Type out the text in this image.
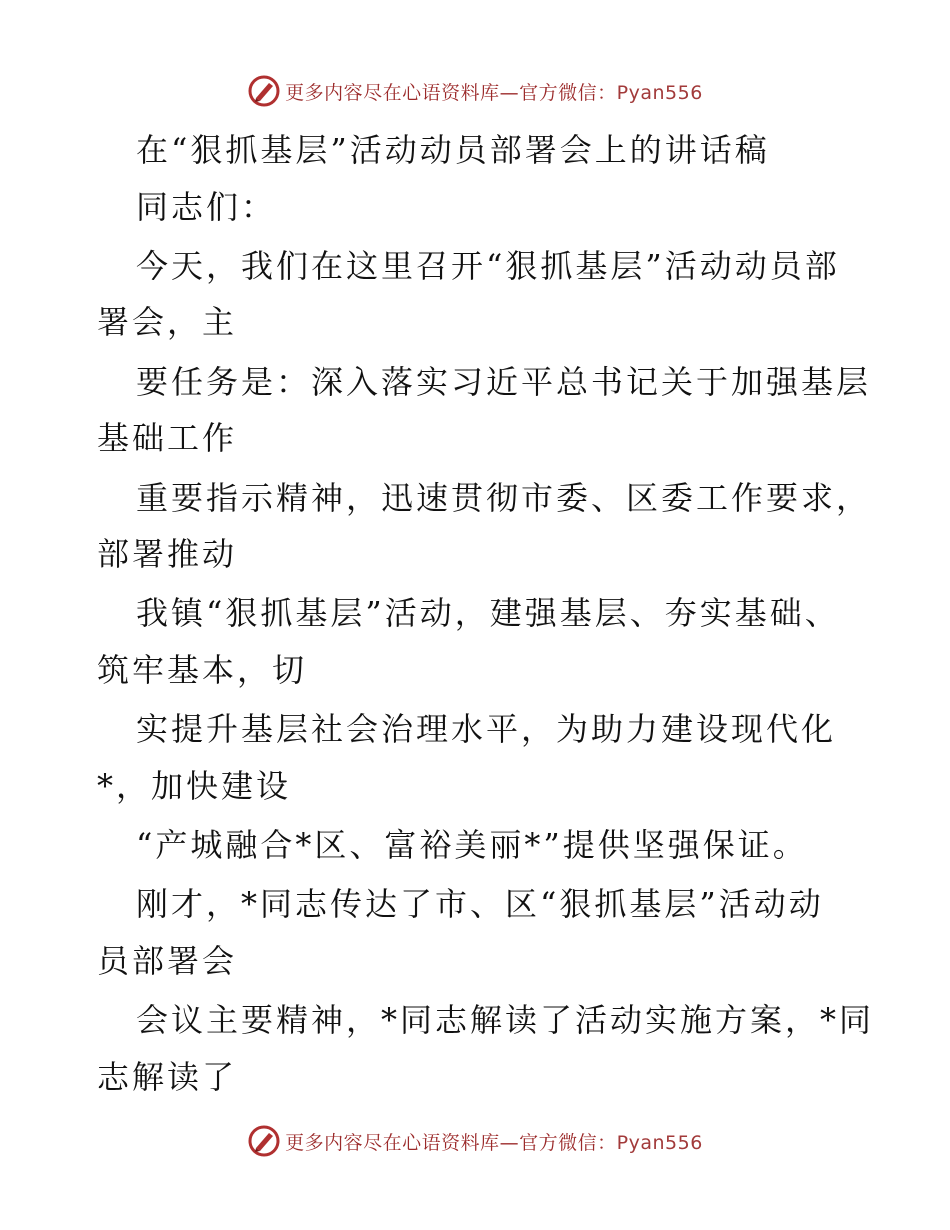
更多内容尽在心语资料库—官方微信：Pyan556
在“狠抓基层”活动动员部署会上的讲话稿
同志们：
今天，我们在这里召开“狠抓基层”活动动员部
署会，主
要任务是：深入落实习近平总书记关于加强基层
基础工作
重要指示精神，迅速贯彻市委、区委工作要求，
部署推动
我镇“狠抓基层”活动，建强基层、夯实基础、
筑牢基本，切
实提升基层社会治理水平，为助力建设现代化
*，加快建设
“产城融合*区、富裕美丽*”提供坚强保证。
刚才，*同志传达了市、区“狠抓基层”活动动
员部署会
会议主要精神，*同志解读了活动实施方案，*同
志解读了
更多内容尽在心语资料库—官方微信：Pyan556
